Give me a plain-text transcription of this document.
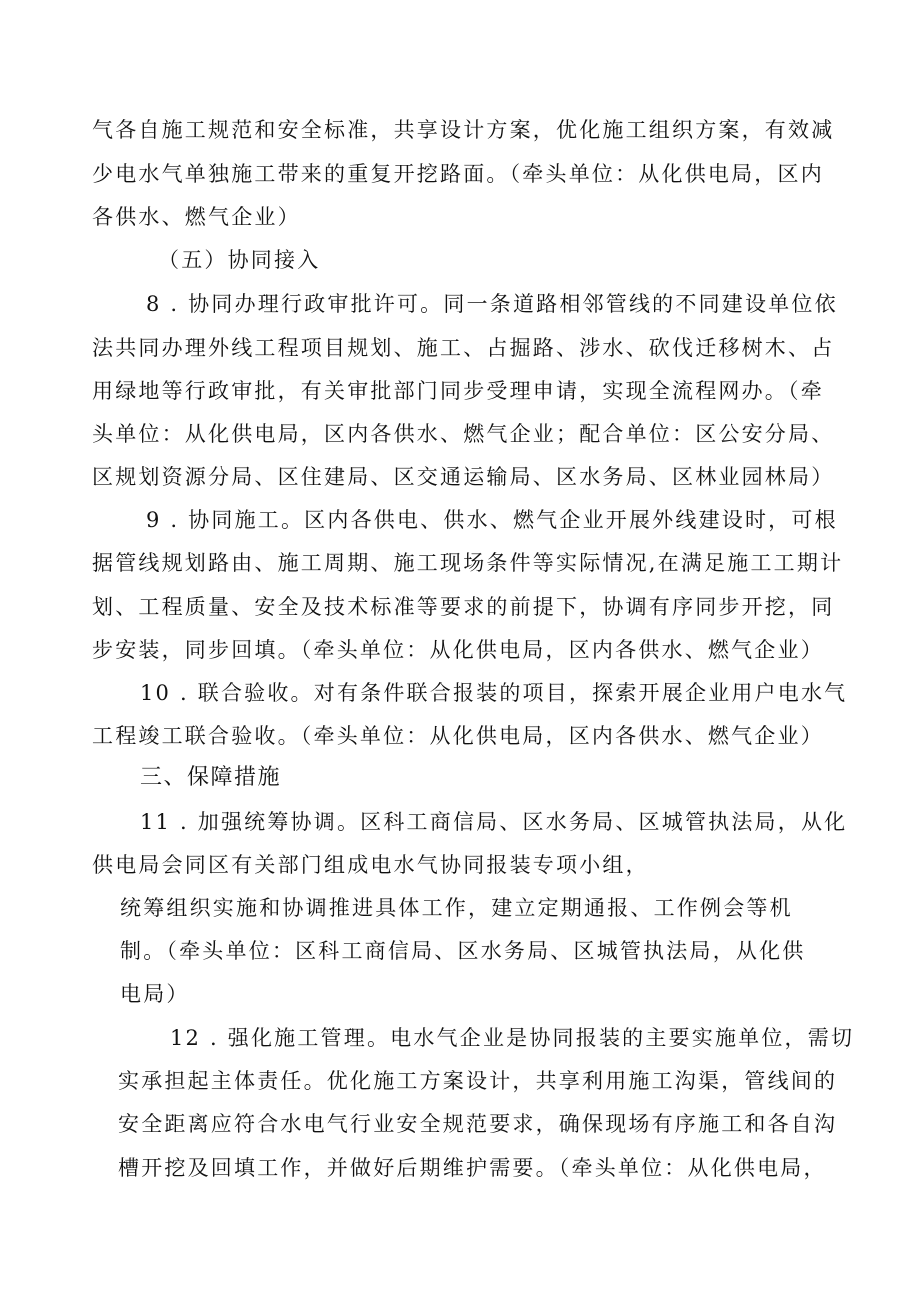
气各自施工规范和安全标准，共享设计方案，优化施工组织方案，有效减
少电水气单独施工带来的重复开挖路面。（牵头单位：从化供电局，区内
各供水、燃气企业）
（五）协同接入
8 . 协同办理行政审批许可。同一条道路相邻管线的不同建设单位依
法共同办理外线工程项目规划、施工、占掘路、涉水、砍伐迁移树木、占
用绿地等行政审批，有关审批部门同步受理申请，实现全流程网办。（牵
头单位：从化供电局，区内各供水、燃气企业；配合单位：区公安分局、
区规划资源分局、区住建局、区交通运输局、区水务局、区林业园林局）
9 . 协同施工。区内各供电、供水、燃气企业开展外线建设时，可根
据管线规划路由、施工周期、施工现场条件等实际情况,在满足施工工期计
划、工程质量、安全及技术标准等要求的前提下，协调有序同步开挖，同
步安装，同步回填。（牵头单位：从化供电局，区内各供水、燃气企业）
10 . 联合验收。对有条件联合报装的项目，探索开展企业用户电水气
工程竣工联合验收。（牵头单位：从化供电局，区内各供水、燃气企业）
三、保障措施
11 . 加强统筹协调。区科工商信局、区水务局、区城管执法局，从化
供电局会同区有关部门组成电水气协同报装专项小组，
统筹组织实施和协调推进具体工作，建立定期通报、工作例会等机
制。（牵头单位：区科工商信局、区水务局、区城管执法局，从化供
电局）
12 . 强化施工管理。电水气企业是协同报装的主要实施单位，需切
实承担起主体责任。优化施工方案设计，共享利用施工沟渠，管线间的
安全距离应符合水电气行业安全规范要求，确保现场有序施工和各自沟
槽开挖及回填工作，并做好后期维护需要。（牵头单位：从化供电局，
